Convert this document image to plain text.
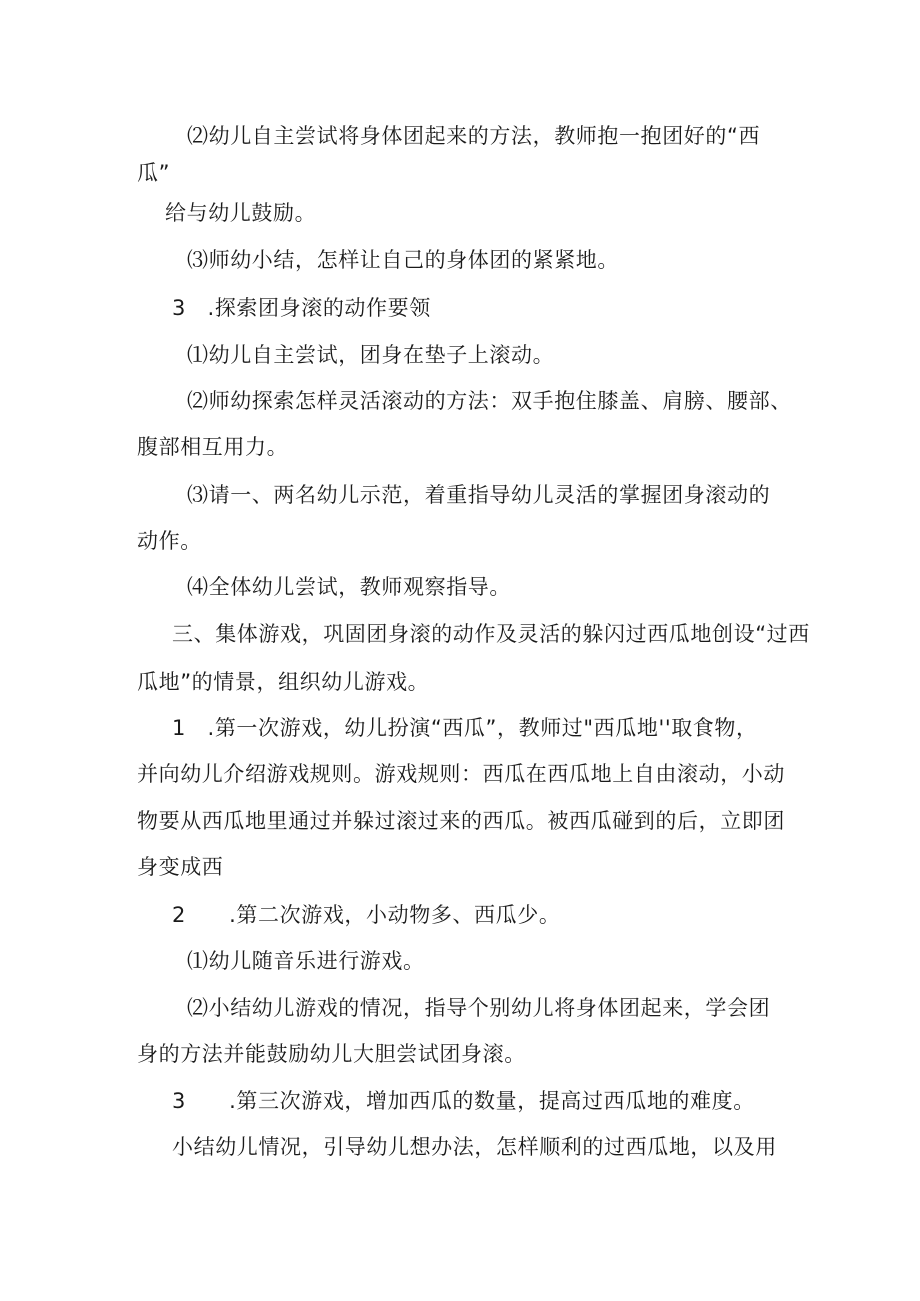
⑵幼儿自主尝试将身体团起来的方法，教师抱一抱团好的“西
瓜”
给与幼儿鼓励。
⑶师幼小结，怎样让自己的身体团的紧紧地。
3　.探索团身滚的动作要领
⑴幼儿自主尝试，团身在垫子上滚动。
⑵师幼探索怎样灵活滚动的方法：双手抱住膝盖、肩膀、腰部、
腹部相互用力。
⑶请一、两名幼儿示范，着重指导幼儿灵活的掌握团身滚动的
动作。
⑷全体幼儿尝试，教师观察指导。
三、集体游戏，巩固团身滚的动作及灵活的躲闪过西瓜地创设“过西
瓜地”的情景，组织幼儿游戏。
1　.第一次游戏，幼儿扮演“西瓜”，教师过"西瓜地''取食物，
并向幼儿介绍游戏规则。游戏规则：西瓜在西瓜地上自由滚动，小动
物要从西瓜地里通过并躲过滚过来的西瓜。被西瓜碰到的后，立即团
身变成西
2　　.第二次游戏，小动物多、西瓜少。
⑴幼儿随音乐进行游戏。
⑵小结幼儿游戏的情况，指导个别幼儿将身体团起来，学会团
身的方法并能鼓励幼儿大胆尝试团身滚。
3　　.第三次游戏，增加西瓜的数量，提高过西瓜地的难度。
小结幼儿情况，引导幼儿想办法，怎样顺利的过西瓜地，以及用
